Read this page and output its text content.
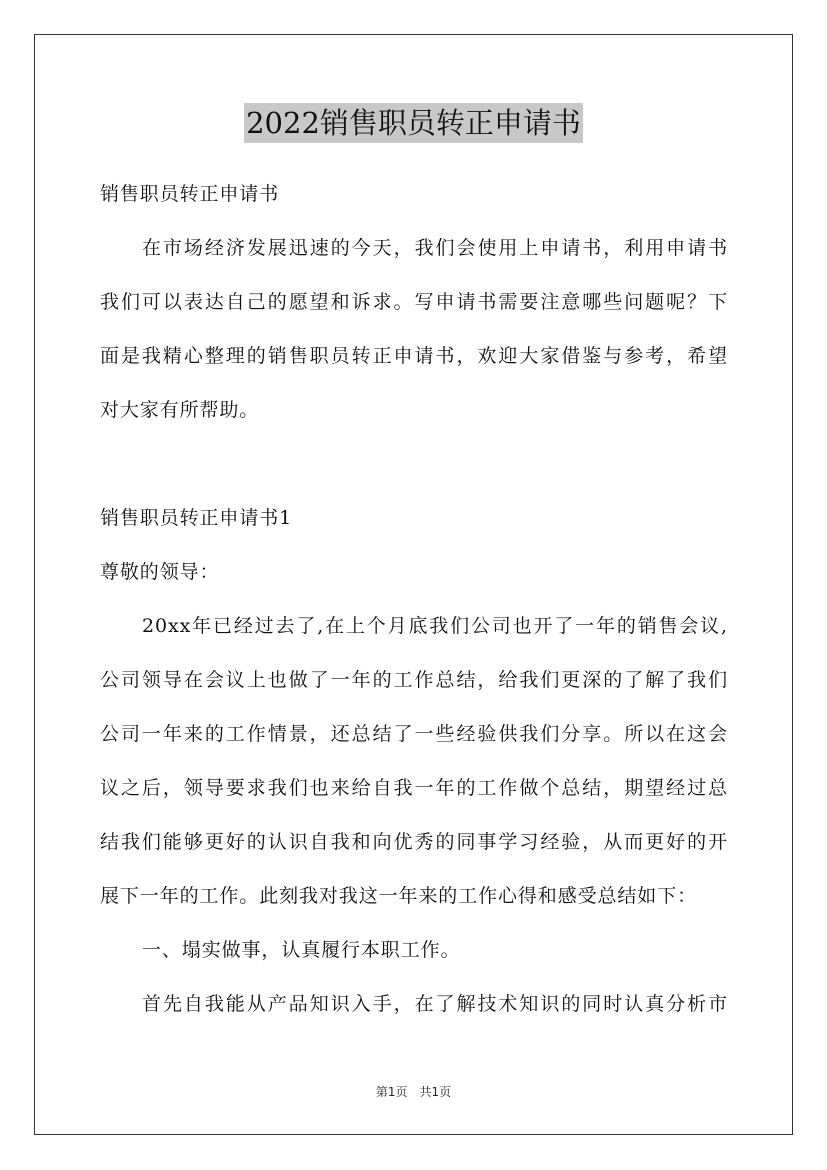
2022销售职员转正申请书
销售职员转正申请书
在市场经济发展迅速的今天，我们会使用上申请书，利用申请书
我们可以表达自己的愿望和诉求。写申请书需要注意哪些问题呢？下
面是我精心整理的销售职员转正申请书，欢迎大家借鉴与参考，希望
对大家有所帮助。
销售职员转正申请书1
尊敬的领导：
20xx年已经过去了,在上个月底我们公司也开了一年的销售会议,
公司领导在会议上也做了一年的工作总结，给我们更深的了解了我们
公司一年来的工作情景，还总结了一些经验供我们分享。所以在这会
议之后，领导要求我们也来给自我一年的工作做个总结，期望经过总
结我们能够更好的认识自我和向优秀的同事学习经验，从而更好的开
展下一年的工作。此刻我对我这一年来的工作心得和感受总结如下：
一、塌实做事，认真履行本职工作。
首先自我能从产品知识入手，在了解技术知识的同时认真分析市
第1页　共1页
